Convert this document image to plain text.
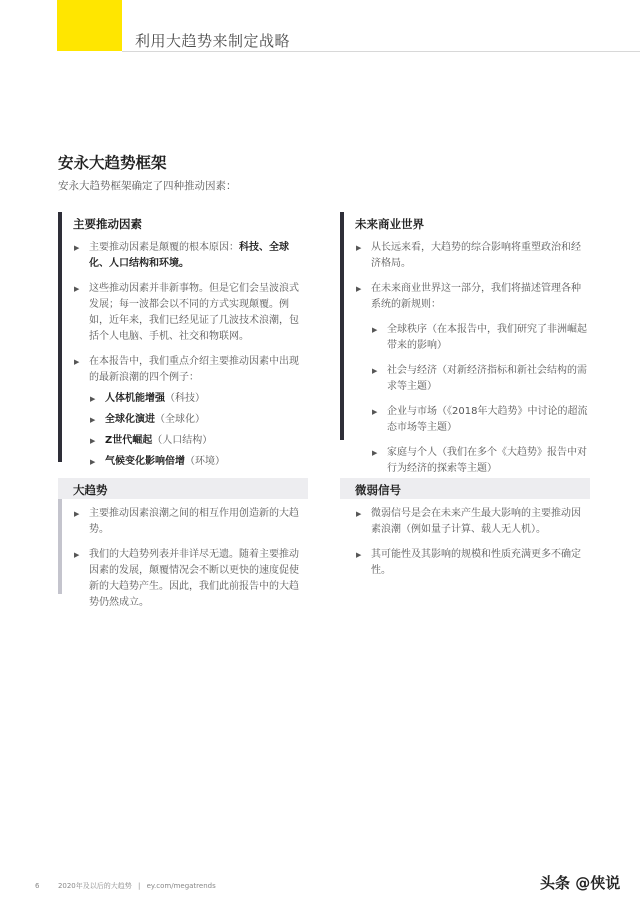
利用大趋势来制定战略
安永大趋势框架
安永大趋势框架确定了四种推动因素：
主要推动因素
▶ 主要推动因素是颠覆的根本原因：科技、全球化、人口结构和环境。
▶ 这些推动因素并非新事物。但是它们会呈波浪式发展；每一波都会以不同的方式实现颠覆。例如，近年来，我们已经见证了几波技术浪潮，包括个人电脑、手机、社交和物联网。
▶ 在本报告中，我们重点介绍主要推动因素中出现的最新浪潮的四个例子：
▶ 人体机能增强（科技）
▶ 全球化演进（全球化）
▶ Z世代崛起（人口结构）
▶ 气候变化影响倍增（环境）
未来商业世界
▶ 从长远来看，大趋势的综合影响将重塑政治和经济格局。
▶ 在未来商业世界这一部分，我们将描述管理各种系统的新规则：
▶ 全球秩序（在本报告中，我们研究了非洲崛起带来的影响）
▶ 社会与经济（对新经济指标和新社会结构的需求等主题）
▶ 企业与市场（《2018年大趋势》中讨论的超流态市场等主题）
▶ 家庭与个人（我们在多个《大趋势》报告中对行为经济的探索等主题）
大趋势
▶ 主要推动因素浪潮之间的相互作用创造新的大趋势。
▶ 我们的大趋势列表并非详尽无遗。随着主要推动因素的发展，颠覆情况会不断以更快的速度促使新的大趋势产生。因此，我们此前报告中的大趋势仍然成立。
微弱信号
▶ 微弱信号是会在未来产生最大影响的主要推动因素浪潮（例如量子计算、载人无人机）。
▶ 其可能性及其影响的规模和性质充满更多不确定性。
6	2020年及以后的大趋势 | ey.com/megatrends	头条 @侠说
